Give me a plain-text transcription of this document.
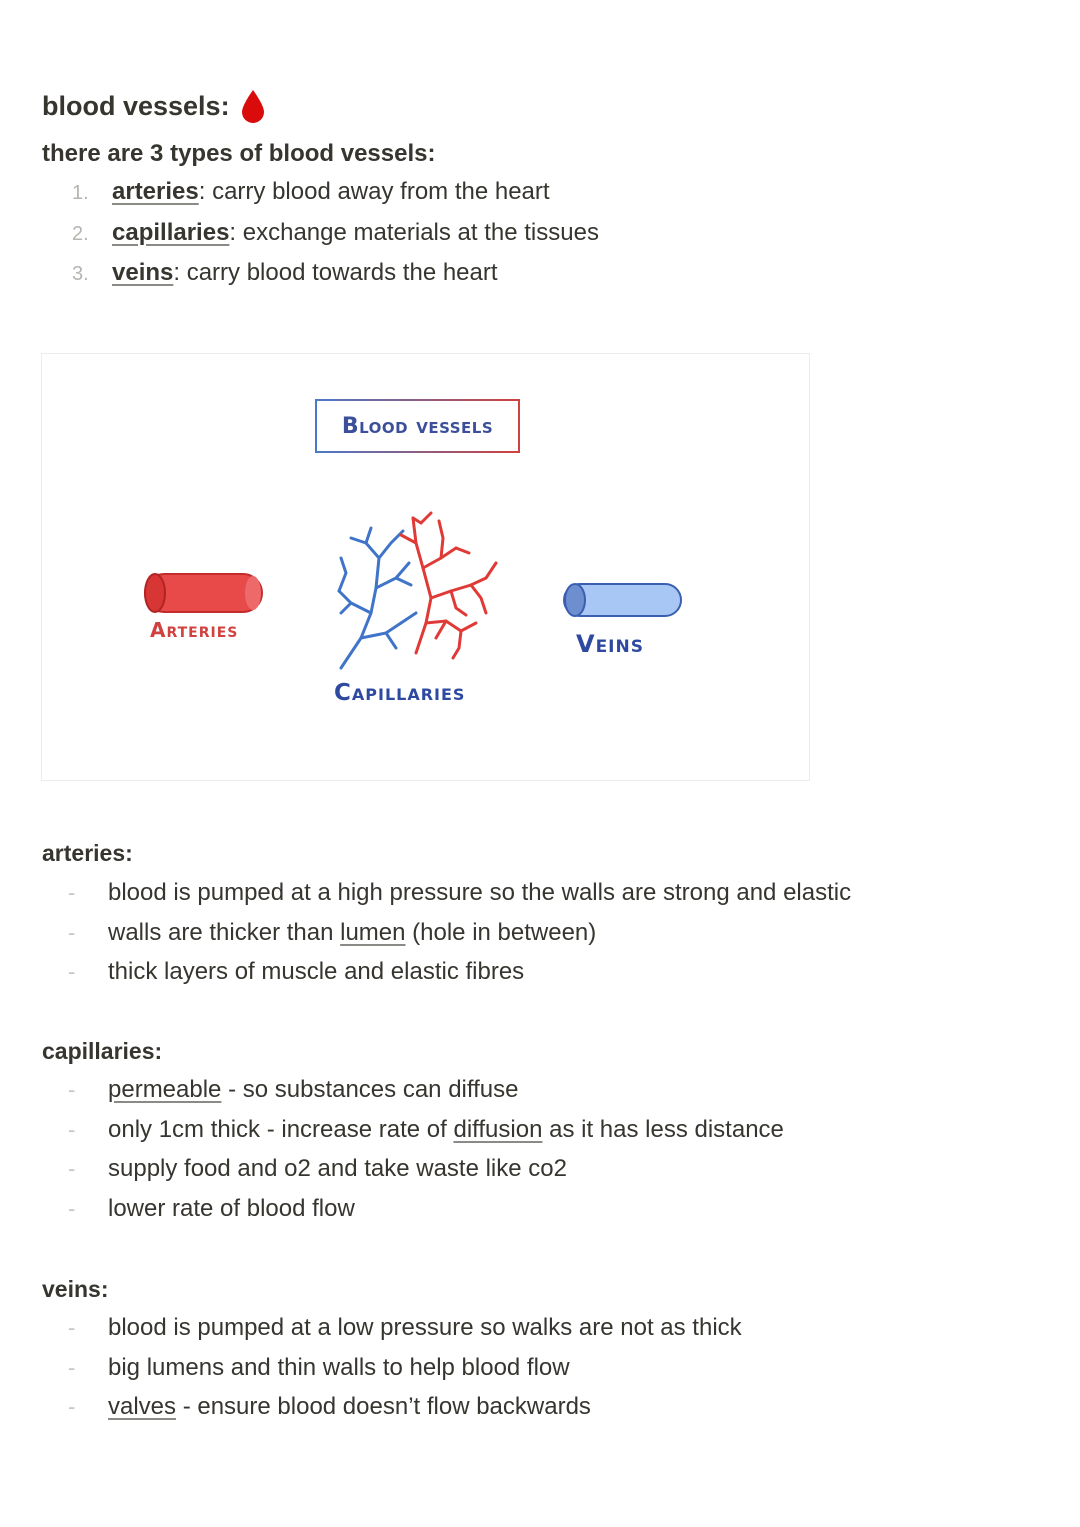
blood vessels:
there are 3 types of blood vessels:
1. arteries : carry blood away from the heart
2. capillaries : exchange materials at the tissues
3. veins : carry blood towards the heart
Blood vessels
Arteries	Veins
Capillaries
arteries:
-	blood is pumped at a high pressure so the walls are strong and elastic
-	walls are thicker than lumen (hole in between)
-	thick layers of muscle and elastic fibres
capillaries:
-	permeable - so substances can diffuse
-	only 1cm thick - increase rate of diffusion as it has less distance
-	supply food and o2 and take waste like co2
-	lower rate of blood flow
veins:
-	blood is pumped at a low pressure so walks are not as thick
-	big lumens and thin walls to help blood flow
-	valves - ensure blood doesn’t flow backwards
